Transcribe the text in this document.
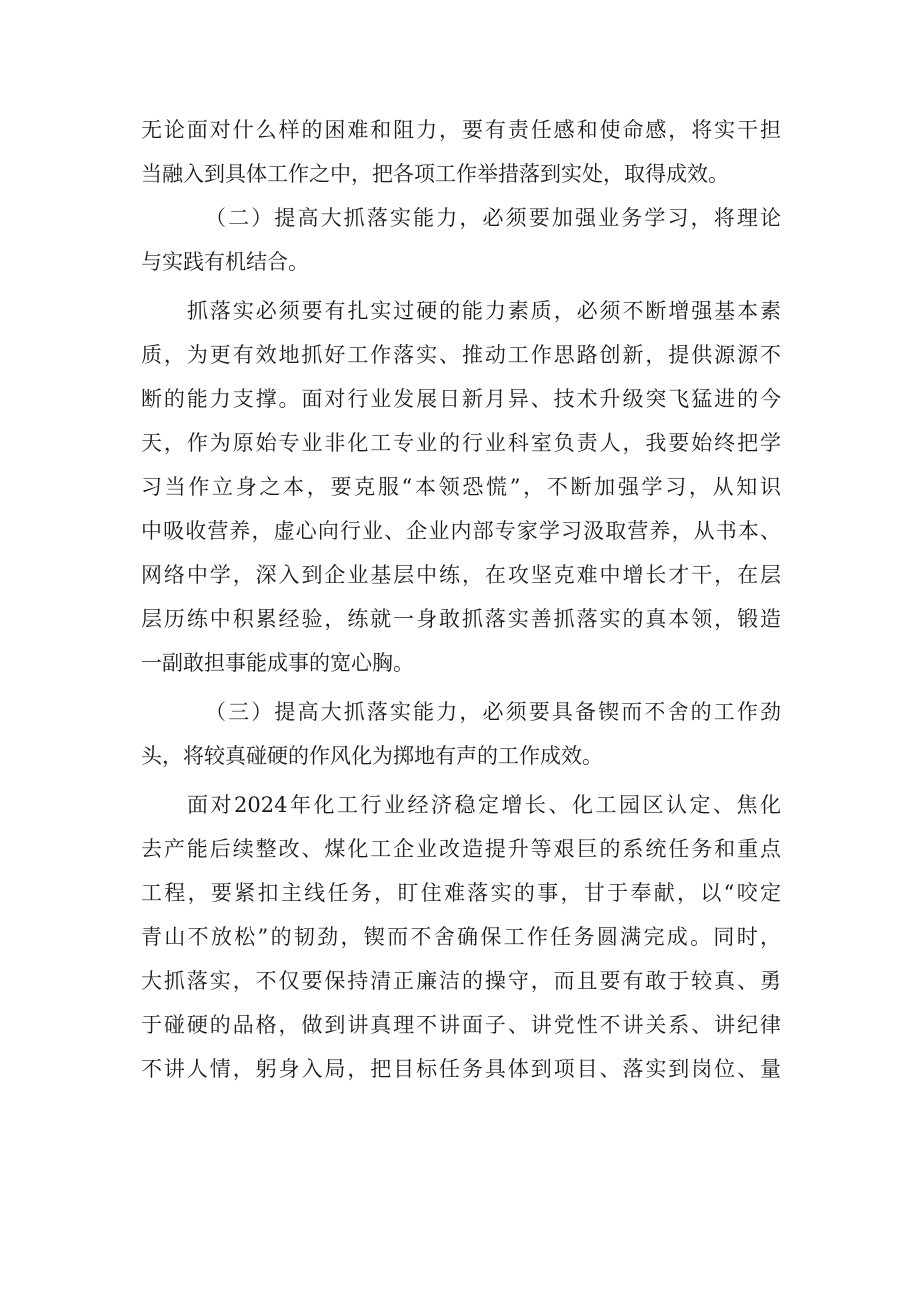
无论面对什么样的困难和阻力，要有责任感和使命感，将实干担
当融入到具体工作之中，把各项工作举措落到实处，取得成效。
（二）提高大抓落实能力，必须要加强业务学习，将理论
与实践有机结合。
抓落实必须要有扎实过硬的能力素质，必须不断增强基本素
质，为更有效地抓好工作落实、推动工作思路创新，提供源源不
断的能力支撑。面对行业发展日新月异、技术升级突飞猛进的今
天，作为原始专业非化工专业的行业科室负责人，我要始终把学
习当作立身之本，要克服“本领恐慌”，不断加强学习，从知识
中吸收营养，虚心向行业、企业内部专家学习汲取营养，从书本、
网络中学，深入到企业基层中练，在攻坚克难中增长才干，在层
层历练中积累经验，练就一身敢抓落实善抓落实的真本领，锻造
一副敢担事能成事的宽心胸。
（三）提高大抓落实能力，必须要具备锲而不舍的工作劲
头，将较真碰硬的作风化为掷地有声的工作成效。
面对2024年化工行业经济稳定增长、化工园区认定、焦化
去产能后续整改、煤化工企业改造提升等艰巨的系统任务和重点
工程，要紧扣主线任务，盯住难落实的事，甘于奉献，以“咬定
青山不放松”的韧劲，锲而不舍确保工作任务圆满完成。同时，
大抓落实，不仅要保持清正廉洁的操守，而且要有敢于较真、勇
于碰硬的品格，做到讲真理不讲面子、讲党性不讲关系、讲纪律
不讲人情，躬身入局，把目标任务具体到项目、落实到岗位、量
